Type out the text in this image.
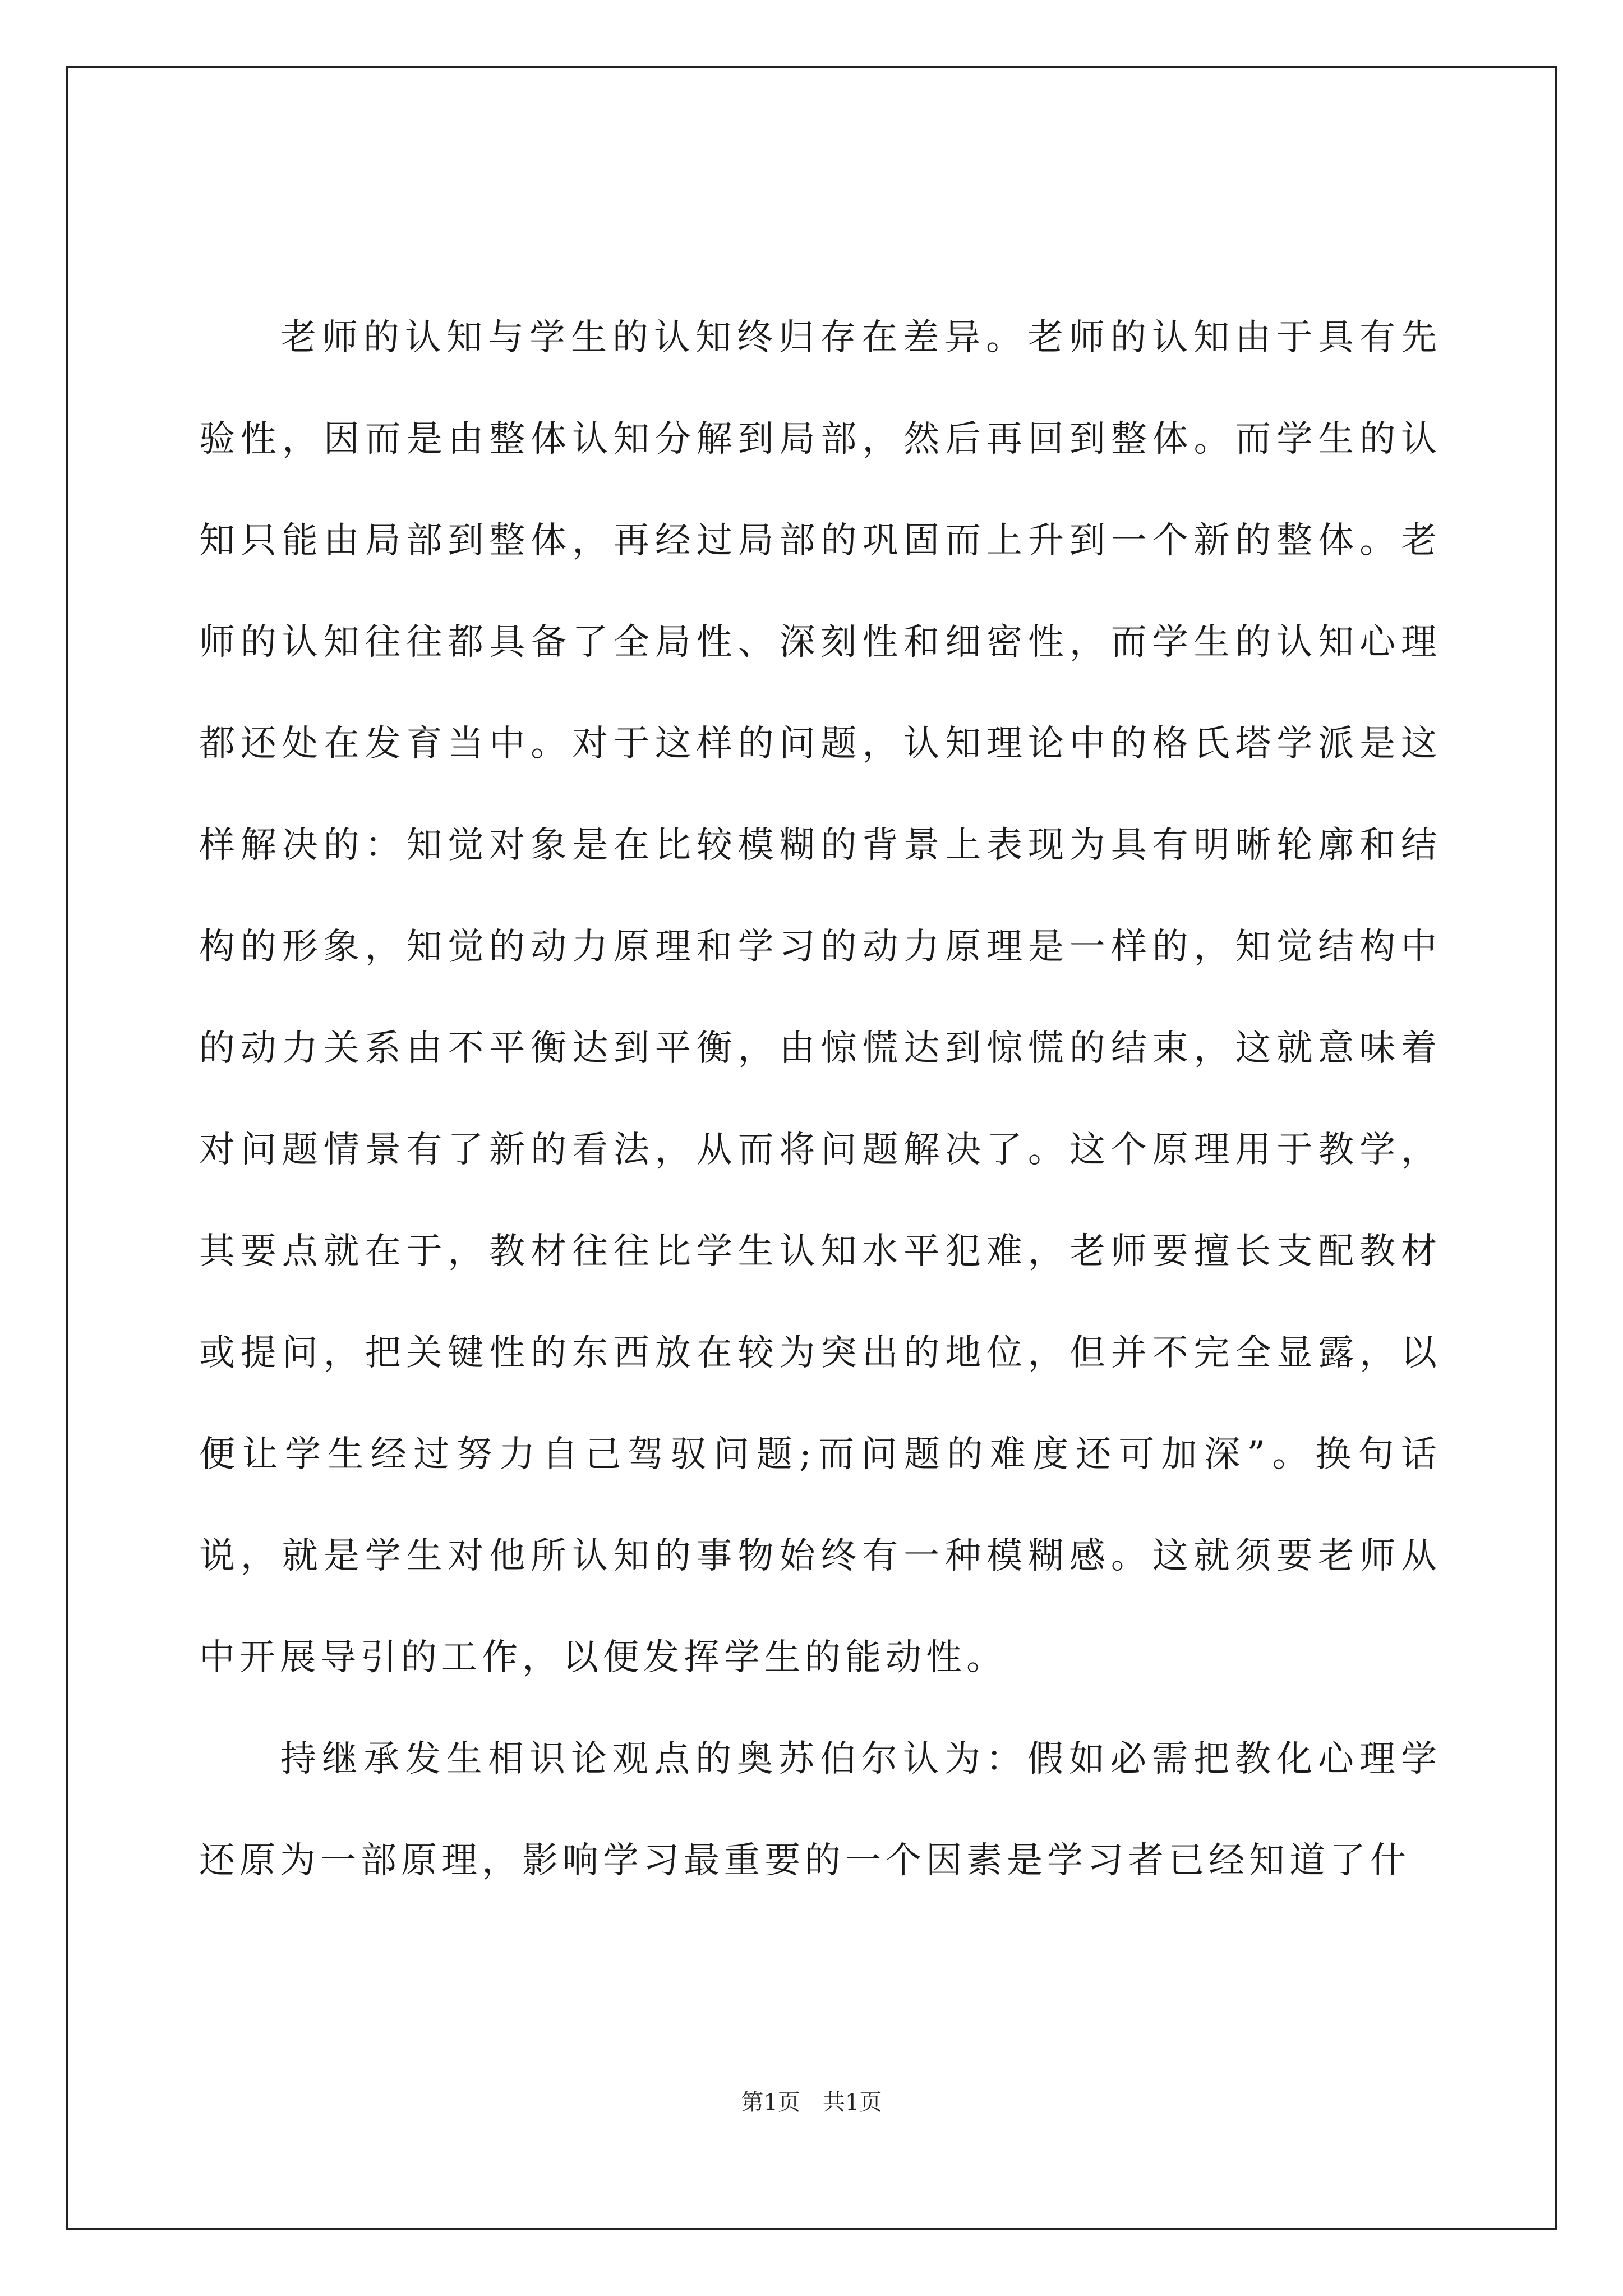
老师的认知与学生的认知终归存在差异。老师的认知由于具有先验性，因而是由整体认知分解到局部，然后再回到整体。而学生的认知只能由局部到整体，再经过局部的巩固而上升到一个新的整体。老师的认知往往都具备了全局性、深刻性和细密性，而学生的认知心理都还处在发育当中。对于这样的问题，认知理论中的格氏塔学派是这样解决的：知觉对象是在比较模糊的背景上表现为具有明晰轮廓和结构的形象，知觉的动力原理和学习的动力原理是一样的，知觉结构中的动力关系由不平衡达到平衡，由惊慌达到惊慌的结束，这就意味着对问题情景有了新的看法，从而将问题解决了。这个原理用于教学，其要点就在于，教材往往比学生认知水平犯难，老师要擅长支配教材或提问，把关键性的东西放在较为突出的地位，但并不完全显露，以便让学生经过努力自己驾驭问题;而问题的难度还可加深”。换句话说，就是学生对他所认知的事物始终有一种模糊感。这就须要老师从中开展导引的工作，以便发挥学生的能动性。

持继承发生相识论观点的奥苏伯尔认为：假如必需把教化心理学还原为一部原理，影响学习最重要的一个因素是学习者已经知道了什

第1页　共1页
